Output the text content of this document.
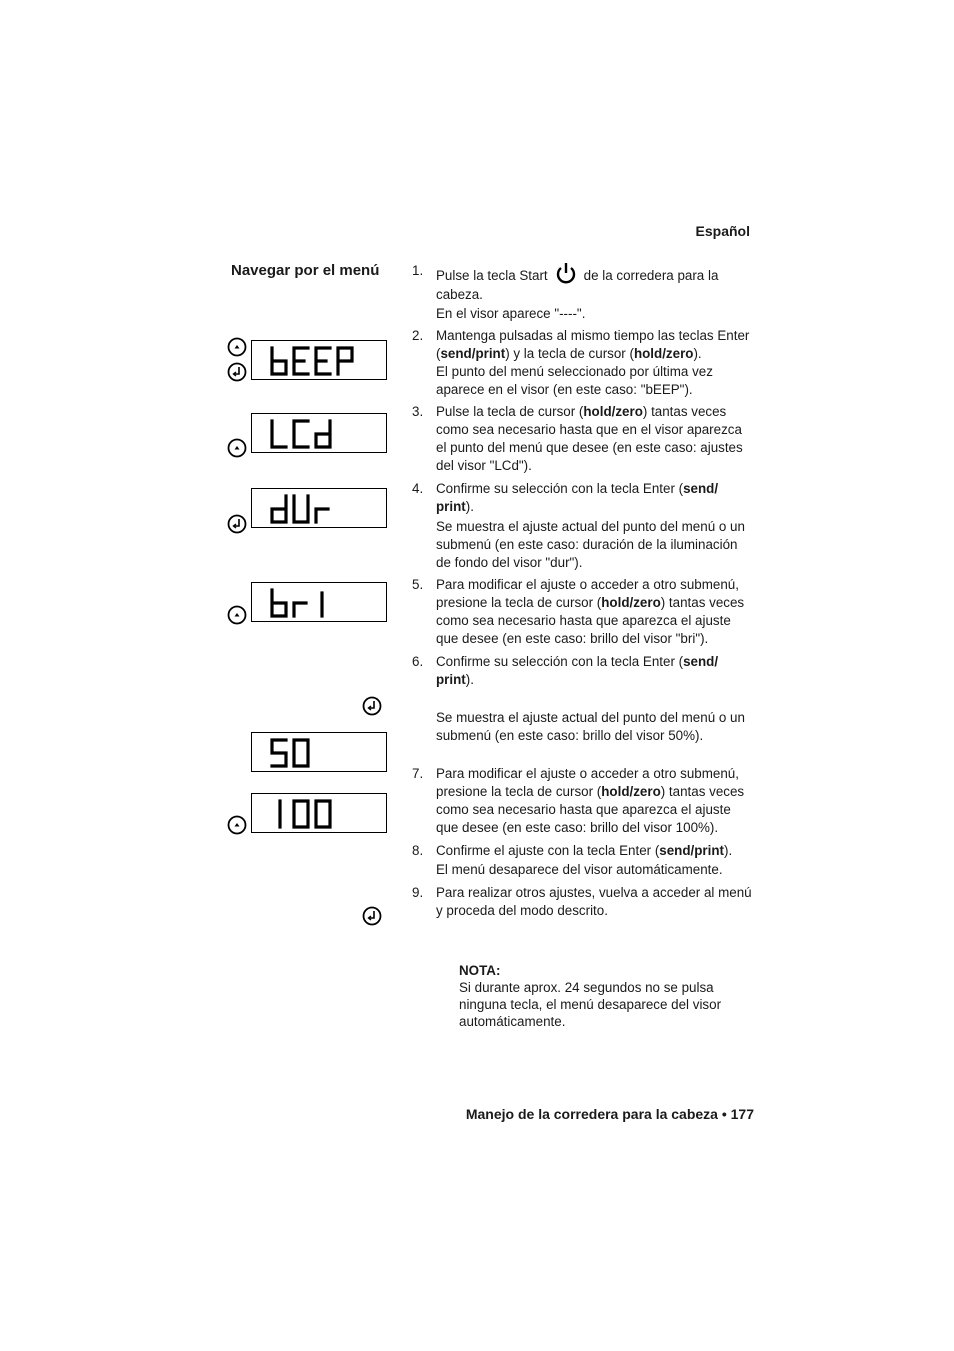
Español
Navegar por el menú 1. Pulse la tecla Start	de la corredera para la cabeza.

En el visor aparece "----".

2. Mantenga pulsadas al mismo tiempo las teclas Enter (send/print) y la tecla de cursor (hold/zero).

El punto del menú seleccionado por última vez aparece en el visor (en este caso: "bEEP").

3. Pulse la tecla de cursor (hold/zero) tantas veces como sea necesario hasta que en el visor aparezca el punto del menú que desee (en este caso: ajustes del visor "LCd").

4. Confirme su selección con la tecla Enter (send/ print).

Se muestra el ajuste actual del punto del menú o un submenú (en este caso: duración de la iluminación de fondo del visor "dur").

5. Para modificar el ajuste o acceder a otro submenú, presione la tecla de cursor (hold/zero) tantas veces como sea necesario hasta que aparezca el ajuste que desee (en este caso: brillo del visor "bri").

6. Confirme su selección con la tecla Enter (send/ print).

Se muestra el ajuste actual del punto del menú o un submenú (en este caso: brillo del visor 50%).

7. Para modificar el ajuste o acceder a otro submenú, presione la tecla de cursor (hold/zero) tantas veces como sea necesario hasta que aparezca el ajuste que desee (en este caso: brillo del visor 100%).

8. Confirme el ajuste con la tecla Enter (send/print).

El menú desaparece del visor automáticamente.

9. Para realizar otros ajustes, vuelva a acceder al menú y proceda del modo descrito.

NOTA:
Si durante aprox. 24 segundos no se pulsa ninguna tecla, el menú desaparece del visor automáticamente.
Manejo de la corredera para la cabeza • 177
